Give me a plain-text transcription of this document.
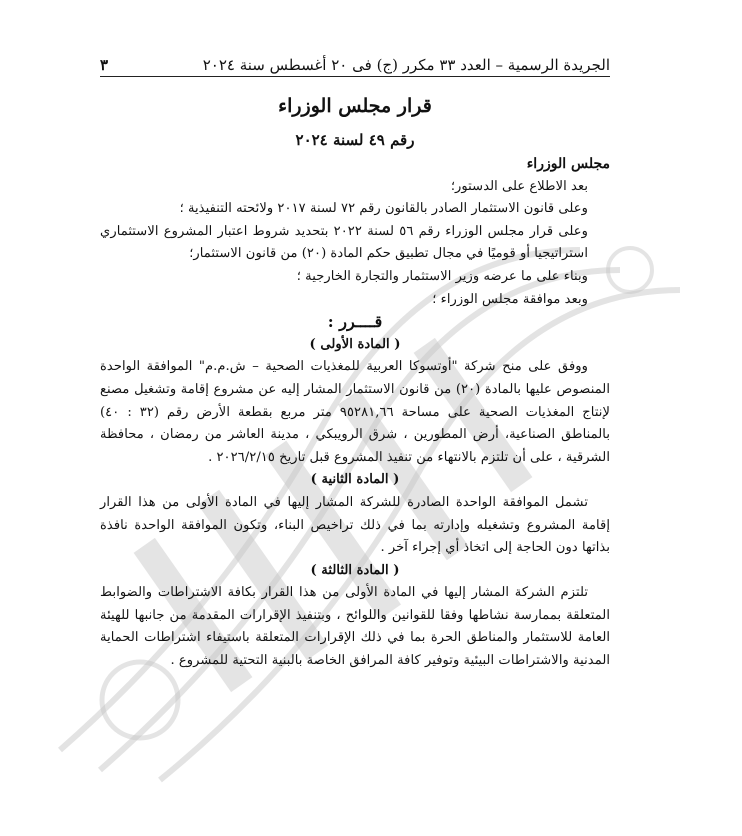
الجريدة الرسمية – العدد ٣٣ مكرر (ج) فى ٢٠ أغسطس سنة ٢٠٢٤
٣
قرار مجلس الوزراء
رقم ٤٩ لسنة ٢٠٢٤

مجلس الوزراء

بعد الاطلاع على الدستور؛

وعلى قانون الاستثمار الصادر بالقانون رقم ٧٢ لسنة ٢٠١٧ ولائحته التنفيذية ؛

وعلى قرار مجلس الوزراء رقم ٥٦ لسنة ٢٠٢٢ بتحديد شروط اعتبار المشروع الاستثماري استراتيجيا أو قوميًا في مجال تطبيق حكم المادة (٢٠) من قانون الاستثمار؛

وبناء على ما عرضه وزير الاستثمار والتجارة الخارجية ؛

وبعد موافقة مجلس الوزراء ؛

قــــرر :

( المادة الأولى )

ووفق على منح شركة "أوتسوكا العربية للمغذيات الصحية – ش.م.م" الموافقة الواحدة المنصوص عليها بالمادة (٢٠) من قانون الاستثمار المشار إليه عن مشروع إقامة وتشغيل مصنع لإنتاج المغذيات الصحية على مساحة ٩٥٢٨١,٦٦ متر مربع بقطعة الأرض رقم (٣٢ : ٤٠) بالمناطق الصناعية، أرض المطورين ، شرق الرويبكي ، مدينة العاشر من رمضان ، محافظة الشرقية ، على أن تلتزم بالانتهاء من تنفيذ المشروع قبل تاريخ ٢٠٢٦/٢/١٥ .

( المادة الثانية )

تشمل الموافقة الواحدة الصادرة للشركة المشار إليها في المادة الأولى من هذا القرار إقامة المشروع وتشغيله وإدارته بما في ذلك تراخيص البناء، وتكون الموافقة الواحدة نافذة بذاتها دون الحاجة إلى اتخاذ أي إجراء آخر .

( المادة الثالثة )

تلتزم الشركة المشار إليها في المادة الأولى من هذا القرار بكافة الاشتراطات والضوابط المتعلقة بممارسة نشاطها وفقا للقوانين واللوائح ، وبتنفيذ الإقرارات المقدمة من جانبها للهيئة العامة للاستثمار والمناطق الحرة بما في ذلك الإقرارات المتعلقة باستيفاء اشتراطات الحماية المدنية والاشتراطات البيئية وتوفير كافة المرافق الخاصة بالبنية التحتية للمشروع .
